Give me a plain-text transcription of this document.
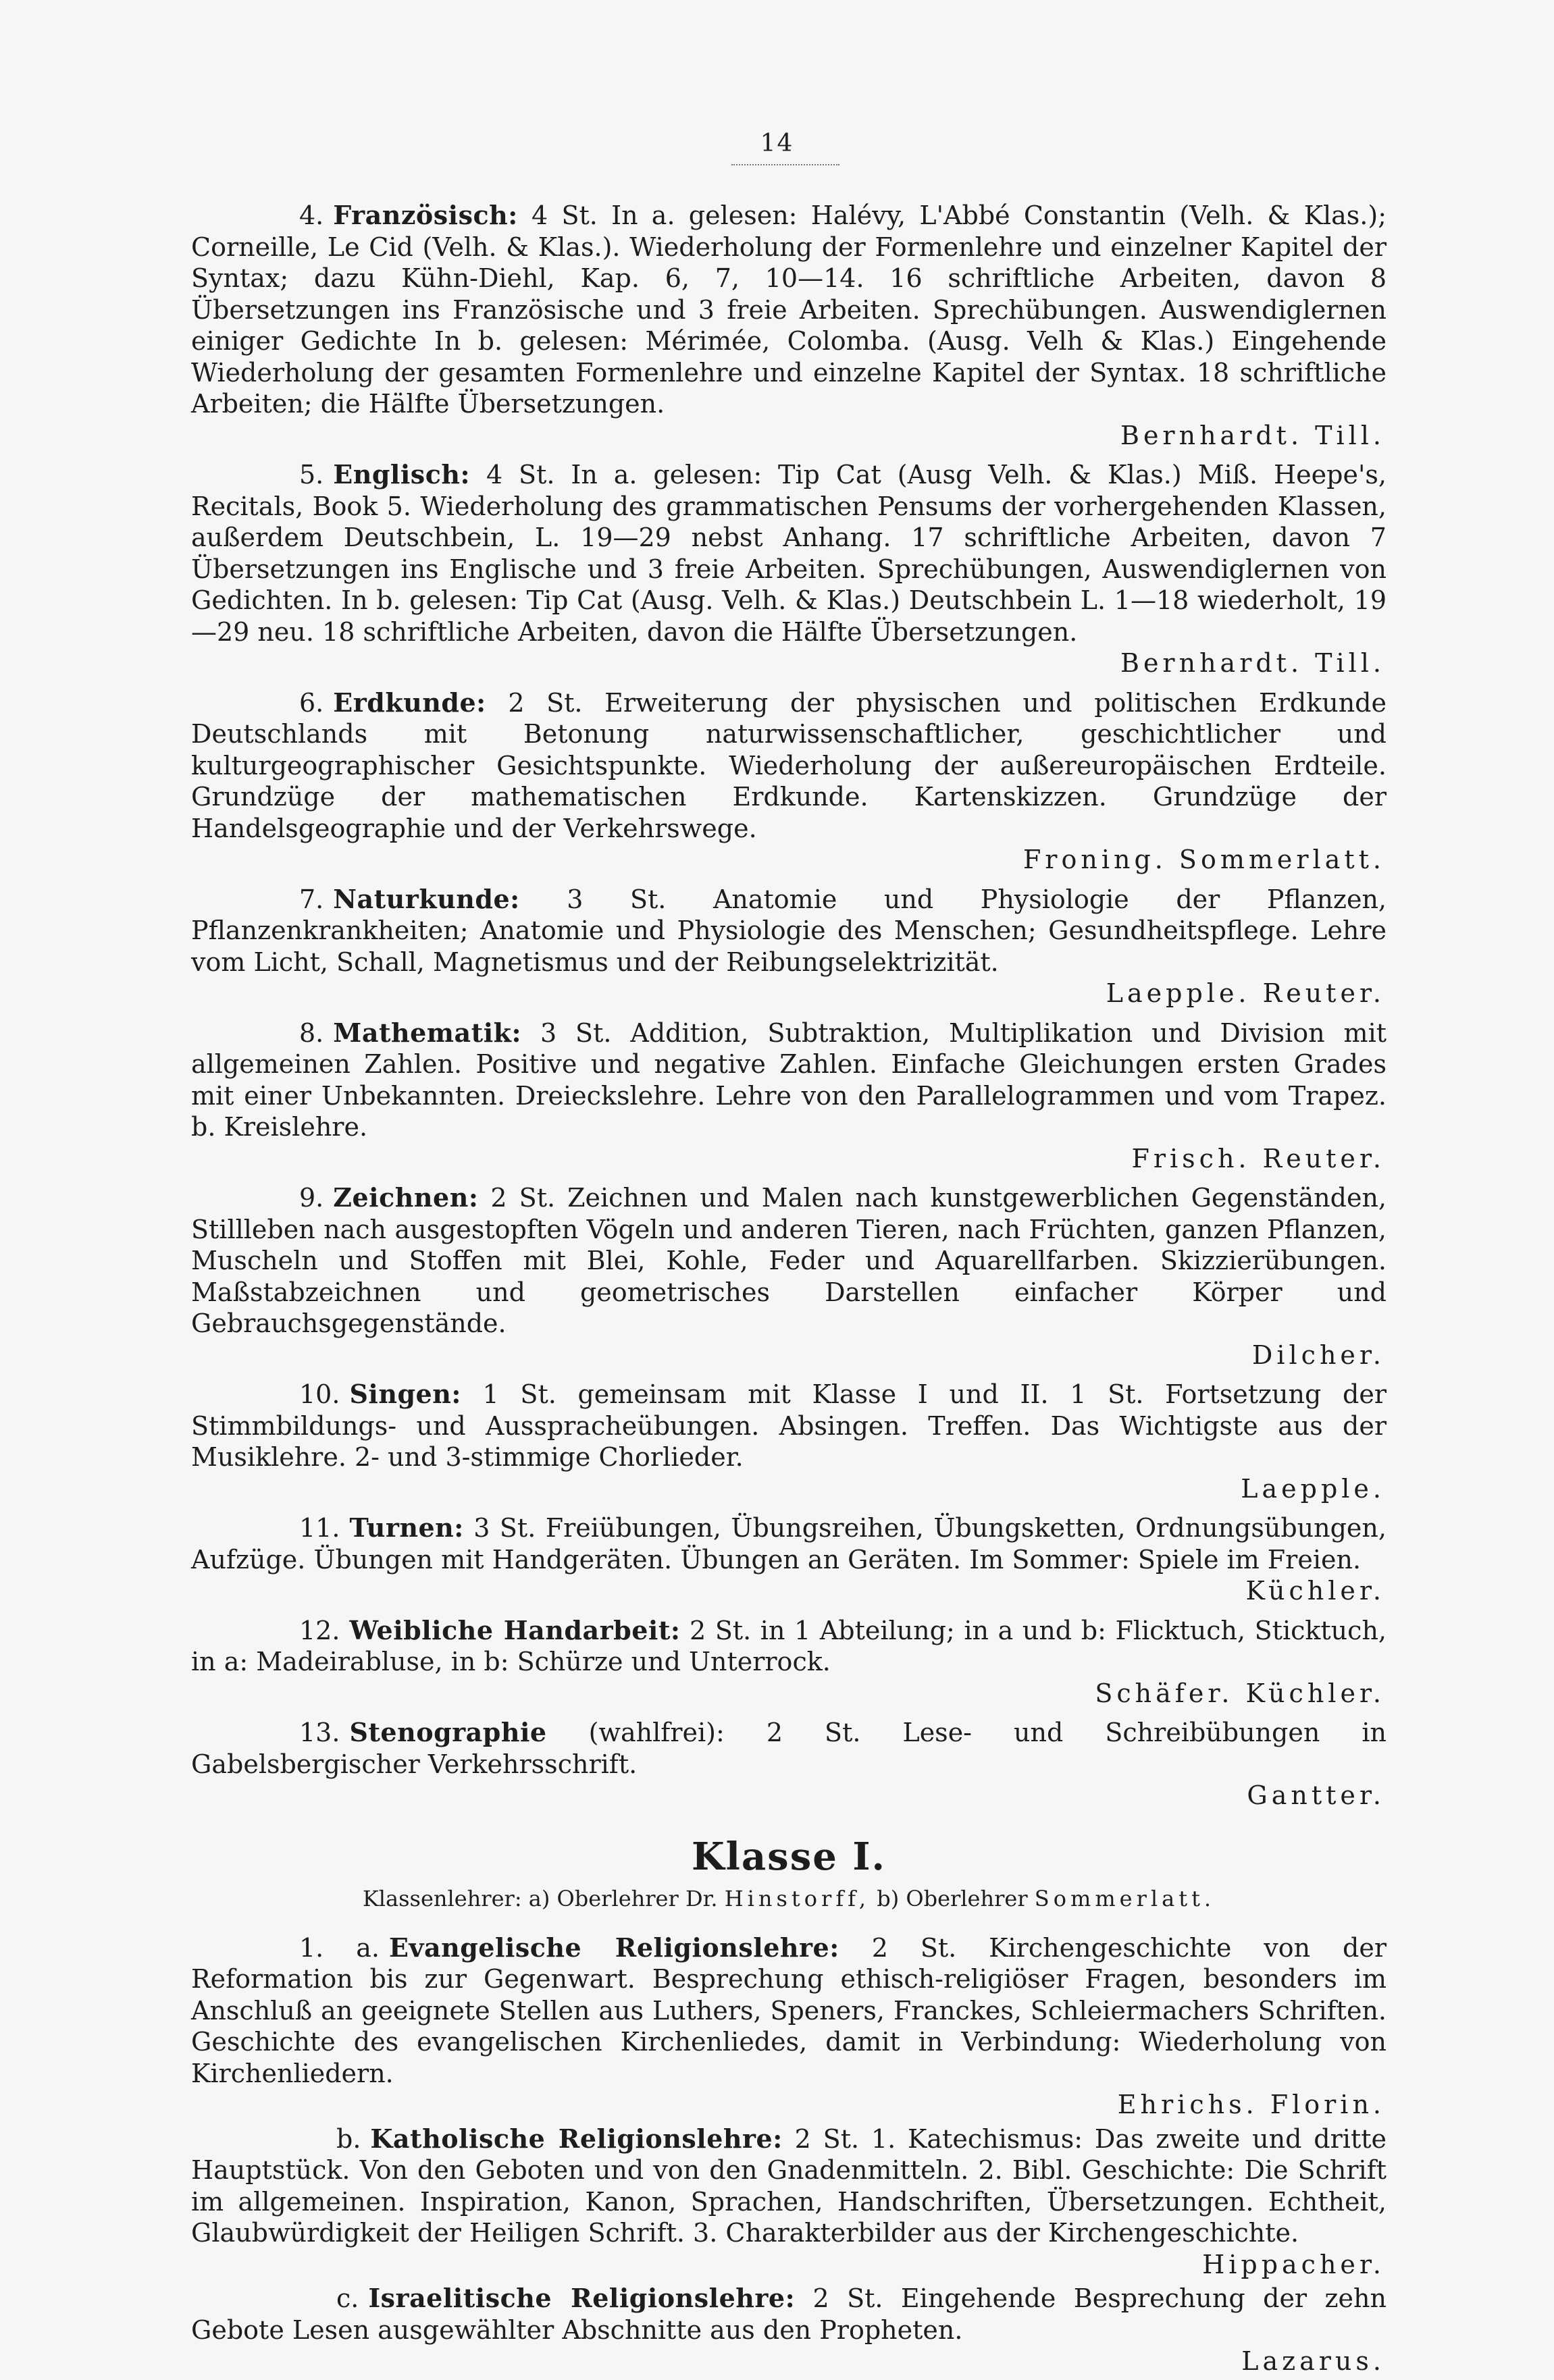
14

4. Französisch: 4 St. In a. gelesen: Halévy, L'Abbé Constantin (Velh. & Klas.); Corneille, Le Cid (Velh. & Klas.). Wiederholung der Formenlehre und einzelner Kapitel der Syntax; dazu Kühn-Diehl, Kap. 6, 7, 10—14. 16 schriftliche Arbeiten, davon 8 Übersetzungen ins Französische und 3 freie Arbeiten. Sprechübungen. Auswendiglernen einiger Gedichte In b. gelesen: Mérimée, Colomba. (Ausg. Velh & Klas.) Eingehende Wiederholung der gesamten Formenlehre und einzelne Kapitel der Syntax. 18 schriftliche Arbeiten; die Hälfte Übersetzungen.
Bernhardt. Till.

5. Englisch: 4 St. In a. gelesen: Tip Cat (Ausg Velh. & Klas.) Miß. Heepe's, Recitals, Book 5. Wiederholung des grammatischen Pensums der vorhergehenden Klassen, außerdem Deutschbein, L. 19—29 nebst Anhang. 17 schriftliche Arbeiten, davon 7 Übersetzungen ins Englische und 3 freie Arbeiten. Sprechübungen, Auswendiglernen von Gedichten. In b. gelesen: Tip Cat (Ausg. Velh. & Klas.) Deutschbein L. 1—18 wiederholt, 19—29 neu. 18 schriftliche Arbeiten, davon die Hälfte Übersetzungen.
Bernhardt. Till.

6. Erdkunde: 2 St. Erweiterung der physischen und politischen Erdkunde Deutschlands mit Betonung naturwissenschaftlicher, geschichtlicher und kulturgeographischer Gesichtspunkte. Wiederholung der außereuropäischen Erdteile. Grundzüge der mathematischen Erdkunde. Kartenskizzen. Grundzüge der Handelsgeographie und der Verkehrswege.
Froning. Sommerlatt.

7. Naturkunde: 3 St. Anatomie und Physiologie der Pflanzen, Pflanzenkrankheiten; Anatomie und Physiologie des Menschen; Gesundheitspflege. Lehre vom Licht, Schall, Magnetismus und der Reibungselektrizität.
Laepple. Reuter.

8. Mathematik: 3 St. Addition, Subtraktion, Multiplikation und Division mit allgemeinen Zahlen. Positive und negative Zahlen. Einfache Gleichungen ersten Grades mit einer Unbekannten. Dreieckslehre. Lehre von den Parallelogrammen und vom Trapez. b. Kreislehre.
Frisch. Reuter.

9. Zeichnen: 2 St. Zeichnen und Malen nach kunstgewerblichen Gegenständen, Stillleben nach ausgestopften Vögeln und anderen Tieren, nach Früchten, ganzen Pflanzen, Muscheln und Stoffen mit Blei, Kohle, Feder und Aquarellfarben. Skizzierübungen. Maßstabzeichnen und geometrisches Darstellen einfacher Körper und Gebrauchsgegenstände.
Dilcher.

10. Singen: 1 St. gemeinsam mit Klasse I und II. 1 St. Fortsetzung der Stimmbildungs- und Aussprachеübungen. Absingen. Treffen. Das Wichtigste aus der Musiklehre. 2- und 3-stimmige Chorlieder.
Laepple.

11. Turnen: 3 St. Freiübungen, Übungsreihen, Übungsketten, Ordnungsübungen, Aufzüge. Übungen mit Handgeräten. Übungen an Geräten. Im Sommer: Spiele im Freien.
Küchler.

12. Weibliche Handarbeit: 2 St. in 1 Abteilung; in a und b: Flicktuch, Sticktuch, in a: Madeirabluse, in b: Schürze und Unterrock.
Schäfer. Küchler.

13. Stenographie (wahlfrei): 2 St. Lese- und Schreibübungen in Gabelsbergischer Verkehrsschrift.
Gantter.

Klasse I.
Klassenlehrer: a) Oberlehrer Dr. Hinstorff, b) Oberlehrer Sommerlatt.

1. a. Evangelische Religionslehre: 2 St. Kirchengeschichte von der Reformation bis zur Gegenwart. Besprechung ethisch-religiöser Fragen, besonders im Anschluß an geeignete Stellen aus Luthers, Speners, Franckes, Schleiermachers Schriften. Geschichte des evangelischen Kirchenliedes, damit in Verbindung: Wiederholung von Kirchenliedern.
Ehrichs. Florin.

b. Katholische Religionslehre: 2 St. 1. Katechismus: Das zweite und dritte Hauptstück. Von den Geboten und von den Gnadenmitteln. 2. Bibl. Geschichte: Die Schrift im allgemeinen. Inspiration, Kanon, Sprachen, Handschriften, Übersetzungen. Echtheit, Glaubwürdigkeit der Heiligen Schrift. 3. Charakterbilder aus der Kirchengeschichte.
Hippacher.

c. Israelitische Religionslehre: 2 St. Eingehende Besprechung der zehn Gebote Lesen ausgewählter Abschnitte aus den Propheten.
Lazarus.
